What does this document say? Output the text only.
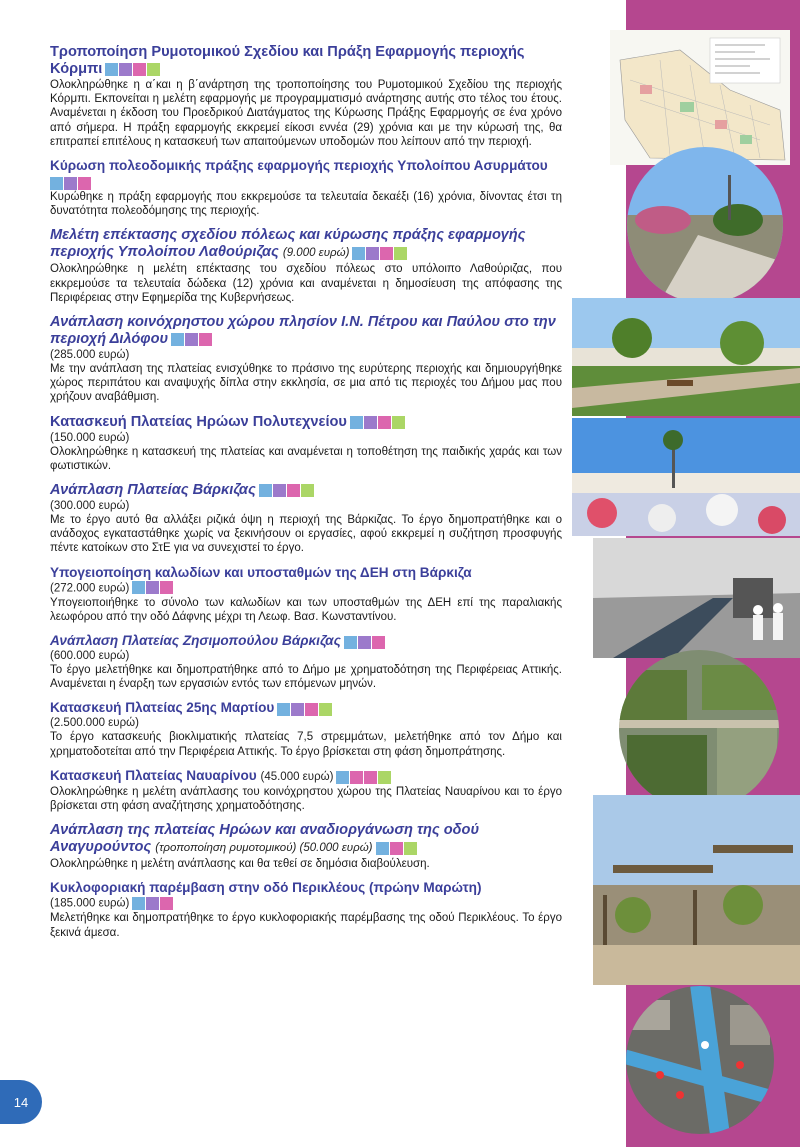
Τροποποίηση Ρυμοτομικού Σχεδίου και Πράξη Εφαρμογής περιοχής Κόρμπι
Ολοκληρώθηκε η α΄και η β΄ανάρτηση της τροποποίησης του Ρυμοτομικού Σχεδίου της περιοχής Κόρμπι. Εκπονείται η μελέτη εφαρμογής με προγραμματισμό ανάρτησης αυτής στο τέλος του έτους. Αναμένεται η έκδοση του Προεδρικού Διατάγματος της Κύρωσης Πράξης Εφαρμογής σε ένα χρόνο από σήμερα. Η πράξη εφαρμογής εκκρεμεί είκοσι εννέα (29) χρόνια και με την κύρωσή της, θα επιτραπεί επιτέλους η κατασκευή των απαιτούμενων υποδομών που λείπουν από την περιοχή.
Κύρωση πολεοδομικής πράξης εφαρμογής περιοχής Υπολοίπου Ασυρμάτου

Κυρώθηκε η πράξη εφαρμογής που εκκρεμούσε τα τελευταία δεκαέξι (16) χρόνια, δίνοντας έτσι τη δυνατότητα πολεοδόμησης της περιοχής.
Μελέτη επέκτασης σχεδίου πόλεως και κύρωσης πράξης εφαρμογής περιοχής Υπολοίπου Λαθούριζας (9.000 ευρώ)
Ολοκληρώθηκε η μελέτη επέκτασης του σχεδίου πόλεως στο υπόλοιπο Λαθούριζας, που εκκρεμούσε τα τελευταία δώδεκα (12) χρόνια και αναμένεται η δημοσίευση της απόφασης της Περιφέρειας στην Εφημερίδα της Κυβερνήσεως.
Ανάπλαση κοινόχρηστου χώρου πλησίον Ι.Ν. Πέτρου και Παύλου στο την περιοχή Διλόφου
(285.000 ευρώ)
Με την ανάπλαση της πλατείας ενισχύθηκε το πράσινο της ευρύτερης περιοχής και δημιουργήθηκε χώρος περιπάτου και αναψυχής δίπλα στην εκκλησία, σε μια από τις περιοχές του Δήμου μας που χρήζουν αναβάθμιση.
Κατασκευή Πλατείας Ηρώων Πολυτεχνείου
(150.000 ευρώ)
Ολοκληρώθηκε η κατασκευή της πλατείας και αναμένεται η τοποθέτηση της παιδικής χαράς και των φωτιστικών.
Ανάπλαση Πλατείας Βάρκιζας
(300.000 ευρώ)
Με το έργο αυτό θα αλλάξει ριζικά όψη η περιοχή της Βάρκιζας. Το έργο δημοπρατήθηκε και ο ανάδοχος εγκαταστάθηκε χωρίς να ξεκινήσουν οι εργασίες, αφού εκκρεμεί η συζήτηση προσφυγής πέντε κατοίκων στο ΣτΕ για να συνεχιστεί το έργο.
Υπογειοποίηση καλωδίων και υποσταθμών της ΔΕΗ στη Βάρκιζα
(272.000 ευρώ)
Υπογειοποιήθηκε το σύνολο των καλωδίων και των υποσταθμών της ΔΕΗ επί της παραλιακής λεωφόρου από την οδό Δάφνης μέχρι τη Λεωφ. Βασ. Κωνσταντίνου.
Ανάπλαση Πλατείας Ζησιμοπούλου Βάρκιζας
(600.000 ευρώ)
Το έργο μελετήθηκε και δημοπρατήθηκε από το Δήμο με χρηματοδότηση της Περιφέρειας Αττικής. Αναμένεται η έναρξη των εργασιών εντός των επόμενων μηνών.
Κατασκευή Πλατείας 25ης Μαρτίου
(2.500.000 ευρώ)
Το έργο κατασκευής βιοκλιματικής πλατείας 7,5 στρεμμάτων, μελετήθηκε από τον Δήμο και χρηματοδοτείται από την Περιφέρεια Αττικής. Το έργο βρίσκεται στη φάση δημοπράτησης.
Κατασκευή Πλατείας Ναυαρίνου (45.000 ευρώ)
Ολοκληρώθηκε η μελέτη ανάπλασης του κοινόχρηστου χώρου της Πλατείας Ναυαρίνου και το έργο βρίσκεται στη φάση αναζήτησης χρηματοδότησης.
Ανάπλαση της πλατείας Ηρώων και αναδιοργάνωση της οδού Αναγυρούντος (τροποποίηση ρυμοτομικού) (50.000 ευρώ)
Ολοκληρώθηκε η μελέτη ανάπλασης και θα τεθεί σε δημόσια διαβούλευση.
Κυκλοφοριακή παρέμβαση στην οδό Περικλέους (πρώην Μαρώτη)
(185.000 ευρώ)
Μελετήθηκε και δημοπρατήθηκε το έργο κυκλοφοριακής παρέμβασης της οδού Περικλέους. Το έργο ξεκινά άμεσα.
14
